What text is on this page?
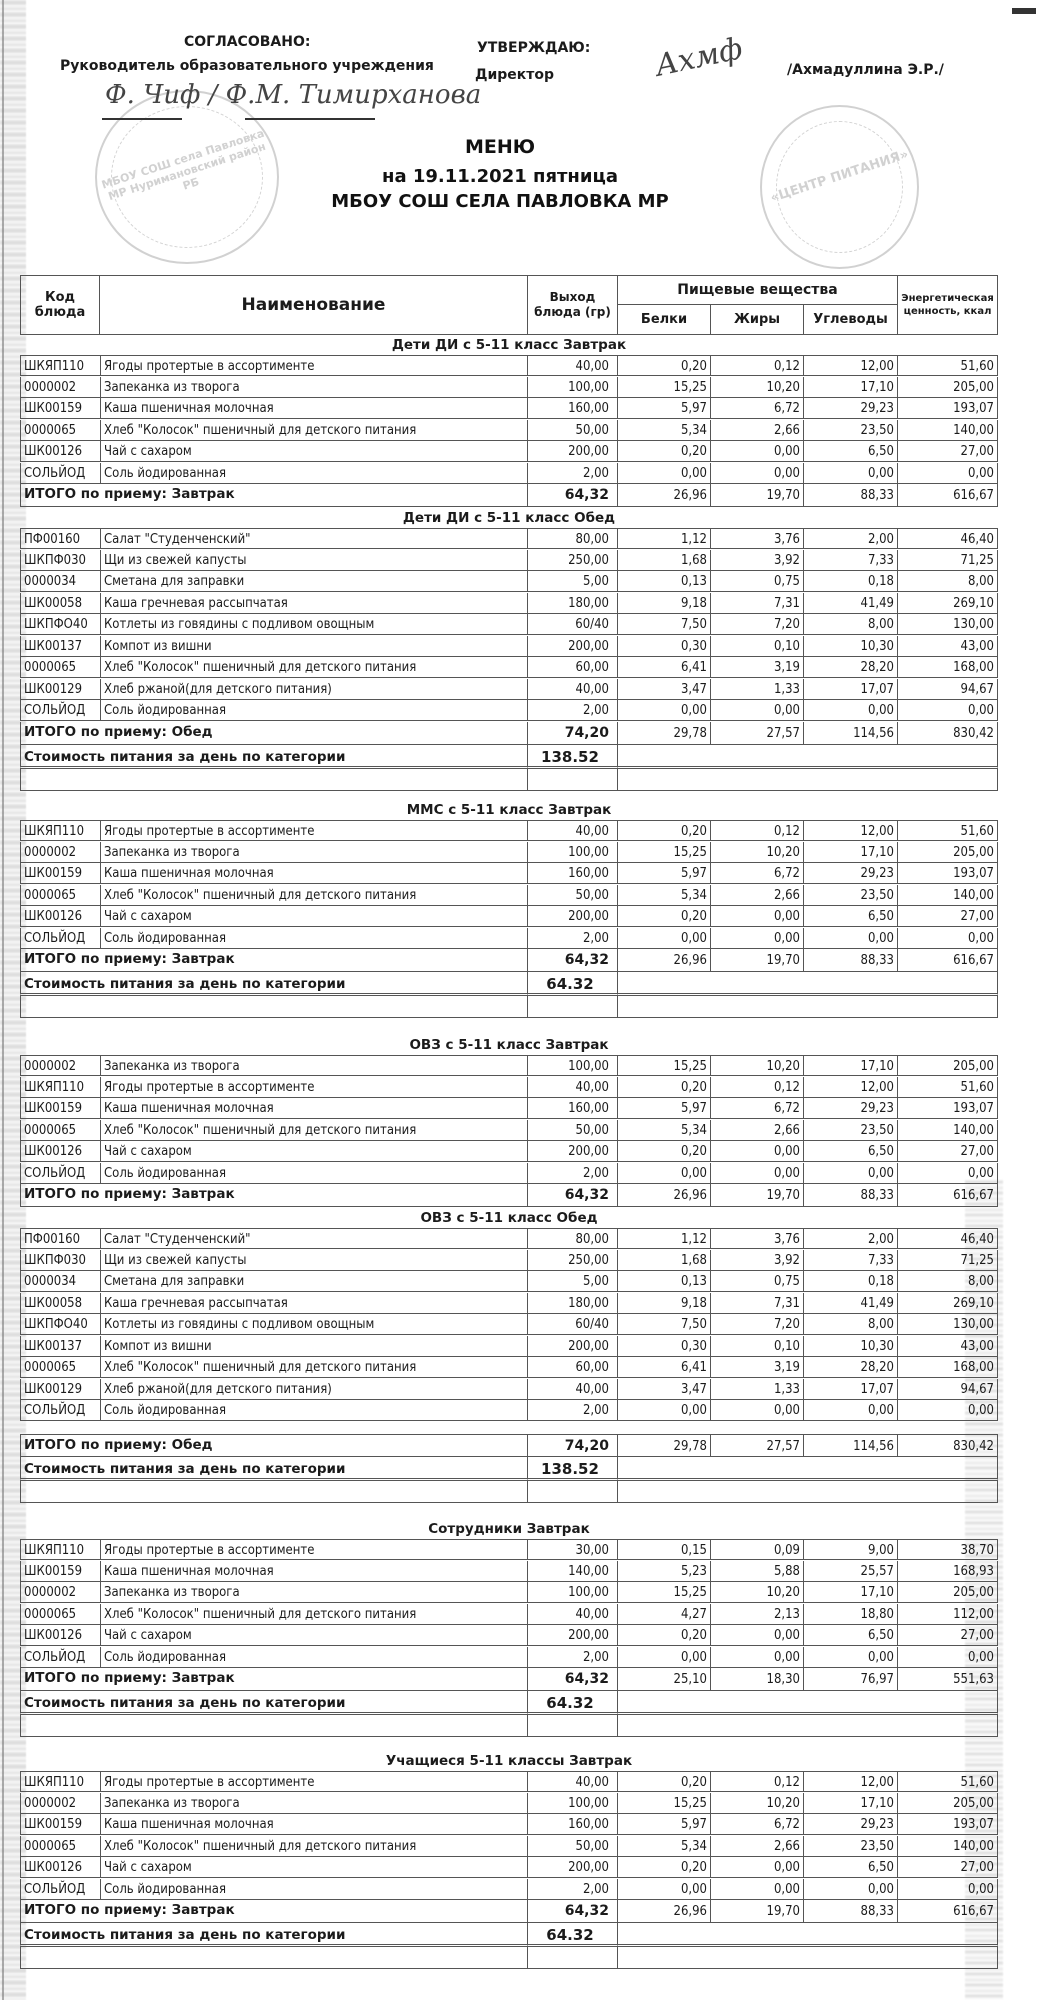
СОГЛАСОВАНО:
Руководитель образовательного учреждения
УТВЕРЖДАЮ:
Директор	/Ахмадуллина Э.Р./
МБОУ СОШ села Павловка МР Нуримановский район РБ	«ЦЕНТР ПИТАНИЯ»
Ф. Чиф / Ф.М. Тимирханова
Ахмф
МЕНЮ
на 19.11.2021 пятница
МБОУ СОШ СЕЛА ПАВЛОВКА МР
Код блюда	Наименование	Выход блюда (гр)
Пищевые вещества
Белки	Жиры	Углеводы
Энергетическая ценность, ккал
Дети ДИ с 5-11 класс Завтрак
ШКЯП110	Ягоды протертые в ассортименте	40,00	0,20	0,12	12,00	51,60
0000002	Запеканка из творога	100,00	15,25	10,20	17,10	205,00
ШК00159	Каша пшеничная молочная	160,00	5,97	6,72	29,23	193,07
0000065	Хлеб "Колосок" пшеничный для детского питания	50,00	5,34	2,66	23,50	140,00
ШК00126	Чай с сахаром	200,00	0,20	0,00	6,50	27,00
СОЛЬЙОД	Соль йодированная	2,00	0,00	0,00	0,00	0,00
ИТОГО по приему: Завтрак	64,32	26,96	19,70	88,33	616,67
Дети ДИ с 5-11 класс Обед
ПФ00160	Салат "Студенченский"	80,00	1,12	3,76	2,00	46,40
ШКПФ030	Щи из свежей капусты	250,00	1,68	3,92	7,33	71,25
0000034	Сметана для заправки	5,00	0,13	0,75	0,18	8,00
ШК00058	Каша гречневая рассыпчатая	180,00	9,18	7,31	41,49	269,10
ШКПФО40	Котлеты из говядины с подливом овощным	60/40	7,50	7,20	8,00	130,00
ШК00137	Компот из вишни	200,00	0,30	0,10	10,30	43,00
0000065	Хлеб "Колосок" пшеничный для детского питания	60,00	6,41	3,19	28,20	168,00
ШК00129	Хлеб ржаной(для детского питания)	40,00	3,47	1,33	17,07	94,67
СОЛЬЙОД	Соль йодированная	2,00	0,00	0,00	0,00	0,00
ИТОГО по приему: Обед	74,20	29,78	27,57	114,56	830,42
Стоимость питания за день по категории	138.52
ММС с 5-11 класс Завтрак
ШКЯП110	Ягоды протертые в ассортименте	40,00	0,20	0,12	12,00	51,60
0000002	Запеканка из творога	100,00	15,25	10,20	17,10	205,00
ШК00159	Каша пшеничная молочная	160,00	5,97	6,72	29,23	193,07
0000065	Хлеб "Колосок" пшеничный для детского питания	50,00	5,34	2,66	23,50	140,00
ШК00126	Чай с сахаром	200,00	0,20	0,00	6,50	27,00
СОЛЬЙОД	Соль йодированная	2,00	0,00	0,00	0,00	0,00
ИТОГО по приему: Завтрак	64,32	26,96	19,70	88,33	616,67
Стоимость питания за день по категории	64.32
ОВЗ с 5-11 класс Завтрак
0000002	Запеканка из творога	100,00	15,25	10,20	17,10	205,00
ШКЯП110	Ягоды протертые в ассортименте	40,00	0,20	0,12	12,00	51,60
ШК00159	Каша пшеничная молочная	160,00	5,97	6,72	29,23	193,07
0000065	Хлеб "Колосок" пшеничный для детского питания	50,00	5,34	2,66	23,50	140,00
ШК00126	Чай с сахаром	200,00	0,20	0,00	6,50	27,00
СОЛЬЙОД	Соль йодированная	2,00	0,00	0,00	0,00	0,00
ИТОГО по приему: Завтрак	64,32	26,96	19,70	88,33	616,67
ОВЗ с 5-11 класс Обед
ПФ00160	Салат "Студенченский"	80,00	1,12	3,76	2,00	46,40
ШКПФ030	Щи из свежей капусты	250,00	1,68	3,92	7,33	71,25
0000034	Сметана для заправки	5,00	0,13	0,75	0,18	8,00
ШК00058	Каша гречневая рассыпчатая	180,00	9,18	7,31	41,49	269,10
ШКПФО40	Котлеты из говядины с подливом овощным	60/40	7,50	7,20	8,00	130,00
ШК00137	Компот из вишни	200,00	0,30	0,10	10,30	43,00
0000065	Хлеб "Колосок" пшеничный для детского питания	60,00	6,41	3,19	28,20	168,00
ШК00129	Хлеб ржаной(для детского питания)	40,00	3,47	1,33	17,07	94,67
СОЛЬЙОД	Соль йодированная	2,00	0,00	0,00	0,00	0,00
ИТОГО по приему: Обед	74,20	29,78	27,57	114,56	830,42
Стоимость питания за день по категории	138.52
Сотрудники Завтрак
ШКЯП110	Ягоды протертые в ассортименте	30,00	0,15	0,09	9,00	38,70
ШК00159	Каша пшеничная молочная	140,00	5,23	5,88	25,57	168,93
0000002	Запеканка из творога	100,00	15,25	10,20	17,10	205,00
0000065	Хлеб "Колосок" пшеничный для детского питания	40,00	4,27	2,13	18,80	112,00
ШК00126	Чай с сахаром	200,00	0,20	0,00	6,50	27,00
СОЛЬЙОД	Соль йодированная	2,00	0,00	0,00	0,00	0,00
ИТОГО по приему: Завтрак	64,32	25,10	18,30	76,97	551,63
Стоимость питания за день по категории	64.32
Учащиеся 5-11 классы Завтрак
ШКЯП110	Ягоды протертые в ассортименте	40,00	0,20	0,12	12,00	51,60
0000002	Запеканка из творога	100,00	15,25	10,20	17,10	205,00
ШК00159	Каша пшеничная молочная	160,00	5,97	6,72	29,23	193,07
0000065	Хлеб "Колосок" пшеничный для детского питания	50,00	5,34	2,66	23,50	140,00
ШК00126	Чай с сахаром	200,00	0,20	0,00	6,50	27,00
СОЛЬЙОД	Соль йодированная	2,00	0,00	0,00	0,00	0,00
ИТОГО по приему: Завтрак	64,32	26,96	19,70	88,33	616,67
Стоимость питания за день по категории	64.32
